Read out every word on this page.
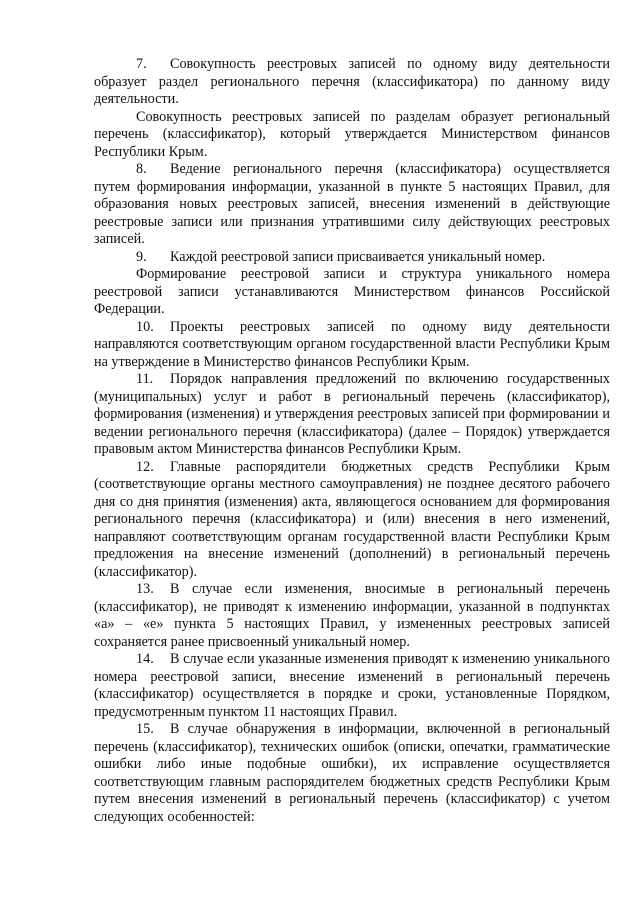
7. Совокупность реестровых записей по одному виду деятельности образует раздел регионального перечня (классификатора) по данному виду деятельности.

Совокупность реестровых записей по разделам образует региональный перечень (классификатор), который утверждается Министерством финансов Республики Крым.

8. Ведение регионального перечня (классификатора) осуществляется путем формирования информации, указанной в пункте 5 настоящих Правил, для образования новых реестровых записей, внесения изменений в действующие реестровые записи или признания утратившими силу действующих реестровых записей.

9. Каждой реестровой записи присваивается уникальный номер.

Формирование реестровой записи и структура уникального номера реестровой записи устанавливаются Министерством финансов Российской Федерации.

10. Проекты реестровых записей по одному виду деятельности направляются соответствующим органом государственной власти Республики Крым на утверждение в Министерство финансов Республики Крым.

11. Порядок направления предложений по включению государственных (муниципальных) услуг и работ в региональный перечень (классификатор), формирования (изменения) и утверждения реестровых записей при формировании и ведении регионального перечня (классификатора) (далее – Порядок) утверждается правовым актом Министерства финансов Республики Крым.

12. Главные распорядители бюджетных средств Республики Крым (соответствующие органы местного самоуправления) не позднее десятого рабочего дня со дня принятия (изменения) акта, являющегося основанием для формирования регионального перечня (классификатора) и (или) внесения в него изменений, направляют соответствующим органам государственной власти Республики Крым предложения на внесение изменений (дополнений) в региональный перечень (классификатор).

13. В случае если изменения, вносимые в региональный перечень (классификатор), не приводят к изменению информации, указанной в подпунктах «а» – «е» пункта 5 настоящих Правил, у измененных реестровых записей сохраняется ранее присвоенный уникальный номер.

14. В случае если указанные изменения приводят к изменению уникального номера реестровой записи, внесение изменений в региональный перечень (классификатор) осуществляется в порядке и сроки, установленные Порядком, предусмотренным пунктом 11 настоящих Правил.

15. В случае обнаружения в информации, включенной в региональный перечень (классификатор), технических ошибок (описки, опечатки, грамматические ошибки либо иные подобные ошибки), их исправление осуществляется соответствующим главным распорядителем бюджетных средств Республики Крым путем внесения изменений в региональный перечень (классификатор) с учетом следующих особенностей:
